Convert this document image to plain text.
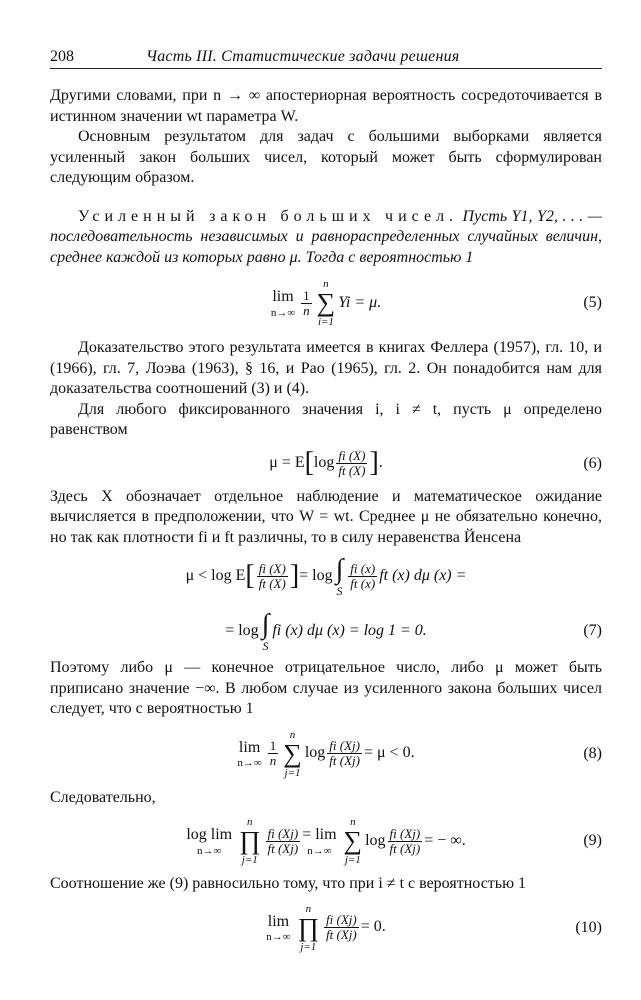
208	Часть III. Статистические задачи решения

Другими словами, при n → ∞ апостериорная вероятность сосредоточивается в истинном значении wt параметра W.

Основным результатом для задач с большими выборками является усиленный закон больших чисел, который может быть сформулирован следующим образом.

Усиленный закон больших чисел. Пусть Y1, Y2, . . . — последовательность независимых и равнораспределенных случайных величин, среднее каждой из которых равно μ. Тогда с вероятностью 1

lim
$n\to\infty \frac{1}{n}$
n
∑
i=1
Yi = μ.	(5)

Доказательство этого результата имеется в книгах Феллера (1957), гл. 10, и (1966), гл. 7, Лоэва (1963), § 16, и Рао (1965), гл. 2. Он понадобится нам для доказательства соотношений (3) и (4).

Для любого фиксированного значения i, i ≠ t, пусть μ определено равенством

μ = E [ $\log \frac{fi (X)}{ft (X)}$ ] .	(6)

Здесь X обозначает отдельное наблюдение и математическое ожидание вычисляется в предположении, что W = wt. Среднее μ не обязательно конечно, но так как плотности fi и ft различны, то в силу неравенства Йенсена

μ < log E [ $\frac{fi (X)}{ft (X)}$ ] = log ∫
S
$\frac{fi (x)}{ft (x)}$ ft (x) dμ (x) =
= log ∫
S
fi (x) dμ (x) = log 1 = 0.	(7)

Поэтому либо μ — конечное отрицательное число, либо μ может быть приписано значение −∞. В любом случае из усиленного закона больших чисел следует, что с вероятностью 1

lim
$n\to\infty \frac{1}{n}$
n
∑
j=1
$\log \frac{fi (Xj)}{ft (Xj)} = \mu < 0$.	(8)

Следовательно,

log lim
n→∞
n
∏
j=1
$\frac{fi (Xj)}{ft (Xj)} = \lim$
n→∞
n
∑
j=1
$\log \frac{fi (Xj)}{ft (Xj)}$ = − ∞.	(9)

Соотношение же (9) равносильно тому, что при i ≠ t с вероятностью 1

lim
n→∞
n
∏
j=1
$\frac{fi (Xj)}{ft (Xj)} = 0$.	(10)
